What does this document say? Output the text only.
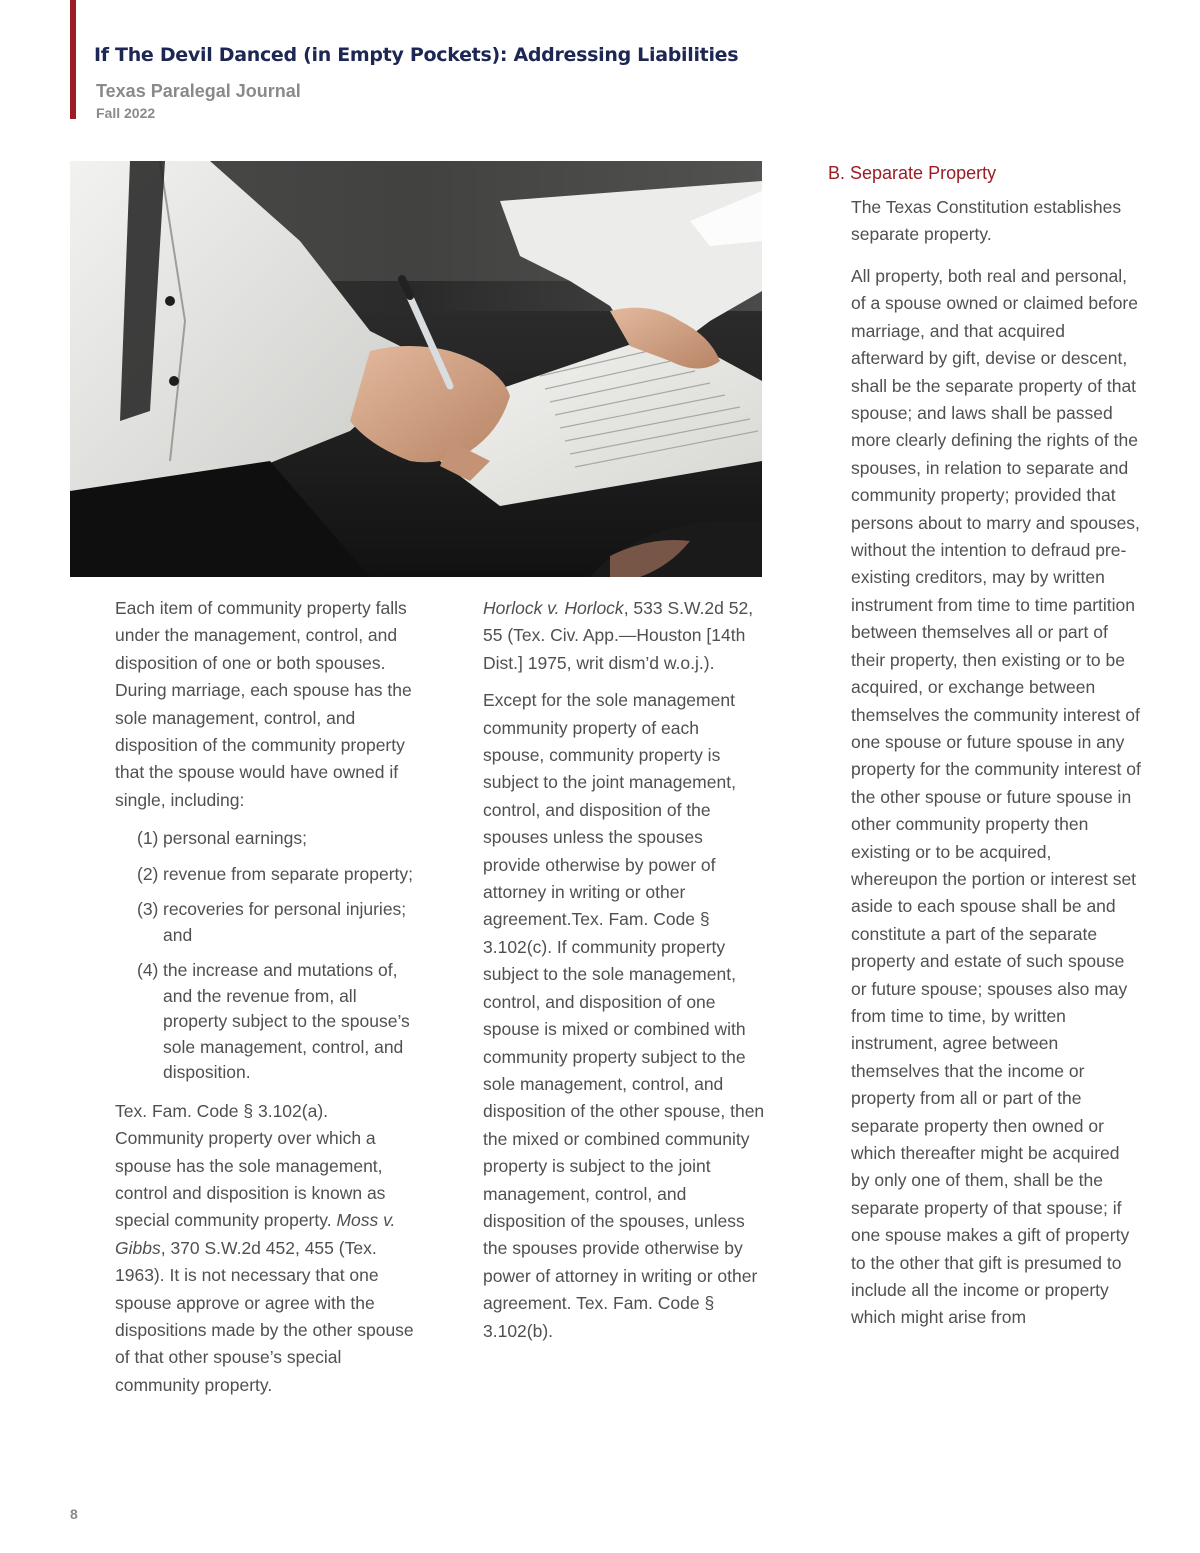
If The Devil Danced (in Empty Pockets): Addressing Liabilities
Texas Paralegal Journal
Fall 2022

Each item of community property falls under the management, control, and disposition of one or both spouses. During marriage, each spouse has the sole management, control, and disposition of the community property that the spouse would have owned if single, including:

(1) personal earnings;
(2) revenue from separate property;
(3) recoveries for personal injuries; and
(4) the increase and mutations of, and the revenue from, all property subject to the spouse’s sole management, control, and disposition.

Tex. Fam. Code § 3.102(a). Community property over which a spouse has the sole management, control and disposition is known as special community property. Moss v. Gibbs, 370 S.W.2d 452, 455 (Tex. 1963). It is not necessary that one spouse approve or agree with the dispositions made by the other spouse of that other spouse’s special community property.

Horlock v. Horlock, 533 S.W.2d 52, 55 (Tex. Civ. App.—Houston [14th Dist.] 1975, writ dism’d w.o.j.).

Except for the sole management community property of each spouse, community property is subject to the joint management, control, and disposition of the spouses unless the spouses provide otherwise by power of attorney in writing or other agreement.Tex. Fam. Code § 3.102(c). If community property subject to the sole management, control, and disposition of one spouse is mixed or combined with community property subject to the sole management, control, and disposition of the other spouse, then the mixed or combined community property is subject to the joint management, control, and disposition of the spouses, unless the spouses provide otherwise by power of attorney in writing or other agreement. Tex. Fam. Code § 3.102(b).

B. Separate Property

The Texas Constitution establishes separate property.

All property, both real and personal, of a spouse owned or claimed before marriage, and that acquired afterward by gift, devise or descent, shall be the separate property of that spouse; and laws shall be passed more clearly defining the rights of the spouses, in relation to separate and community property; provided that persons about to marry and spouses, without the intention to defraud pre-existing creditors, may by written instrument from time to time partition between themselves all or part of their property, then existing or to be acquired, or exchange between themselves the community interest of one spouse or future spouse in any property for the community interest of the other spouse or future spouse in other community property then existing or to be acquired, whereupon the portion or interest set aside to each spouse shall be and constitute a part of the separate property and estate of such spouse or future spouse; spouses also may from time to time, by written instrument, agree between themselves that the income or property from all or part of the separate property then owned or which thereafter might be acquired by only one of them, shall be the separate property of that spouse; if one spouse makes a gift of property to the other that gift is presumed to include all the income or property which might arise from

8
